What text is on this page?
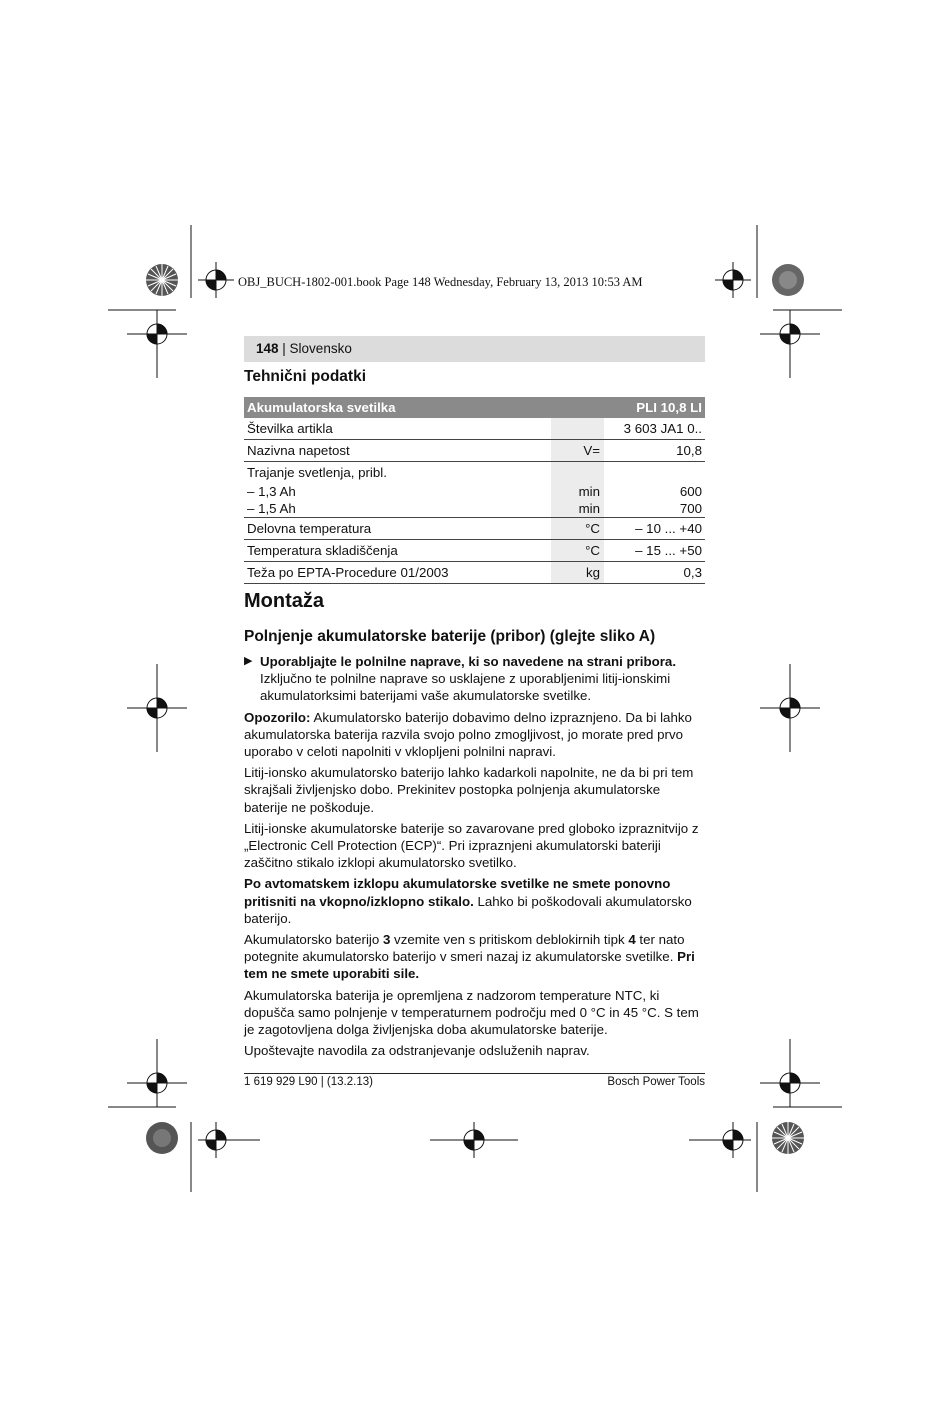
OBJ_BUCH-1802-001.book Page 148 Wednesday, February 13, 2013 10:53 AM
148 | Slovensko
Tehnični podatki
Akumulatorska svetilka		PLI 10,8 LI
Številka artikla		3 603 JA1 0..
Nazivna napetost	V=	10,8
Trajanje svetlenja, pribl.		
– 1,3 Ah	min	600
– 1,5 Ah	min	700
Delovna temperatura	°C	– 10 ... +40
Temperatura skladiščenja	°C	– 15 ... +50
Teža po EPTA-Procedure 01/2003	kg	0,3
Montaža
Polnjenje akumulatorske baterije (pribor) (glejte sliko A)

▶ Uporabljajte le polnilne naprave, ki so navedene na strani pribora. Izključno te polnilne naprave so usklajene z uporabljenimi litij-ionskimi akumulatorksimi baterijami vaše akumulatorske svetilke.

Opozorilo: Akumulatorsko baterijo dobavimo delno izpraznjeno. Da bi lahko akumulatorska baterija razvila svojo polno zmogljivost, jo morate pred prvo uporabo v celoti napolniti v vklopljeni polnilni napravi.

Litij-ionsko akumulatorsko baterijo lahko kadarkoli napolnite, ne da bi pri tem skrajšali življenjsko dobo. Prekinitev postopka polnjenja akumulatorske baterije ne poškoduje.

Litij-ionske akumulatorske baterije so zavarovane pred globoko izpraznitvijo z „Electronic Cell Protection (ECP)“. Pri izpraznjeni akumulatorski bateriji zaščitno stikalo izklopi akumulatorsko svetilko.

Po avtomatskem izklopu akumulatorske svetilke ne smete ponovno pritisniti na vkopno/izklopno stikalo. Lahko bi poškodovali akumulatorsko baterijo.

Akumulatorsko baterijo 3 vzemite ven s pritiskom deblokirnih tipk 4 ter nato potegnite akumulatorsko baterijo v smeri nazaj iz akumulatorske svetilke. Pri tem ne smete uporabiti sile.

Akumulatorska baterija je opremljena z nadzorom temperature NTC, ki dopušča samo polnjenje v temperaturnem področju med 0 °C in 45 °C. S tem je zagotovljena dolga življenjska doba akumulatorske baterije.

Upoštevajte navodila za odstranjevanje odsluženih naprav.

1 619 929 L90 | (13.2.13)	Bosch Power Tools
